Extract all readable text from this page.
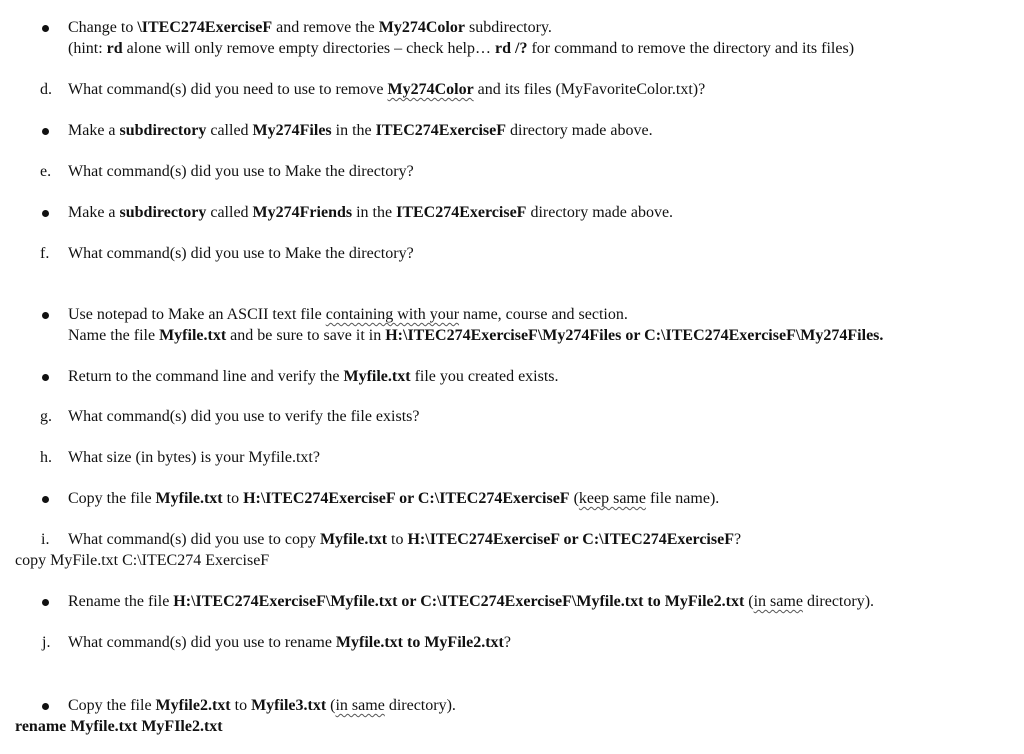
Change to \ITEC274ExerciseF and remove the My274Color subdirectory.
(hint: rd alone will only remove empty directories – check help… rd /? for command to remove the directory and its files)
d. What command(s) did you need to use to remove My274Color and its files (MyFavoriteColor.txt)?
Make a subdirectory called My274Files in the ITEC274ExerciseF directory made above.
e. What command(s) did you use to Make the directory?
Make a subdirectory called My274Friends in the ITEC274ExerciseF directory made above.
f. What command(s) did you use to Make the directory?
Use notepad to Make an ASCII text file containing with your name, course and section.
Name the file Myfile.txt and be sure to save it in H:\ITEC274ExerciseF\My274Files or C:\ITEC274ExerciseF\My274Files.
Return to the command line and verify the Myfile.txt file you created exists.
g. What command(s) did you use to verify the file exists?
h. What size (in bytes) is your Myfile.txt?
Copy the file Myfile.txt to H:\ITEC274ExerciseF or C:\ITEC274ExerciseF (keep same file name).
i. What command(s) did you use to copy Myfile.txt to H:\ITEC274ExerciseF or C:\ITEC274ExerciseF?
copy MyFile.txt C:\ITEC274 ExerciseF
Rename the file H:\ITEC274ExerciseF\Myfile.txt or C:\ITEC274ExerciseF\Myfile.txt to MyFile2.txt (in same directory).
j. What command(s) did you use to rename Myfile.txt to MyFile2.txt?
Copy the file Myfile2.txt to Myfile3.txt (in same directory).
rename Myfile.txt MyFIle2.txt
